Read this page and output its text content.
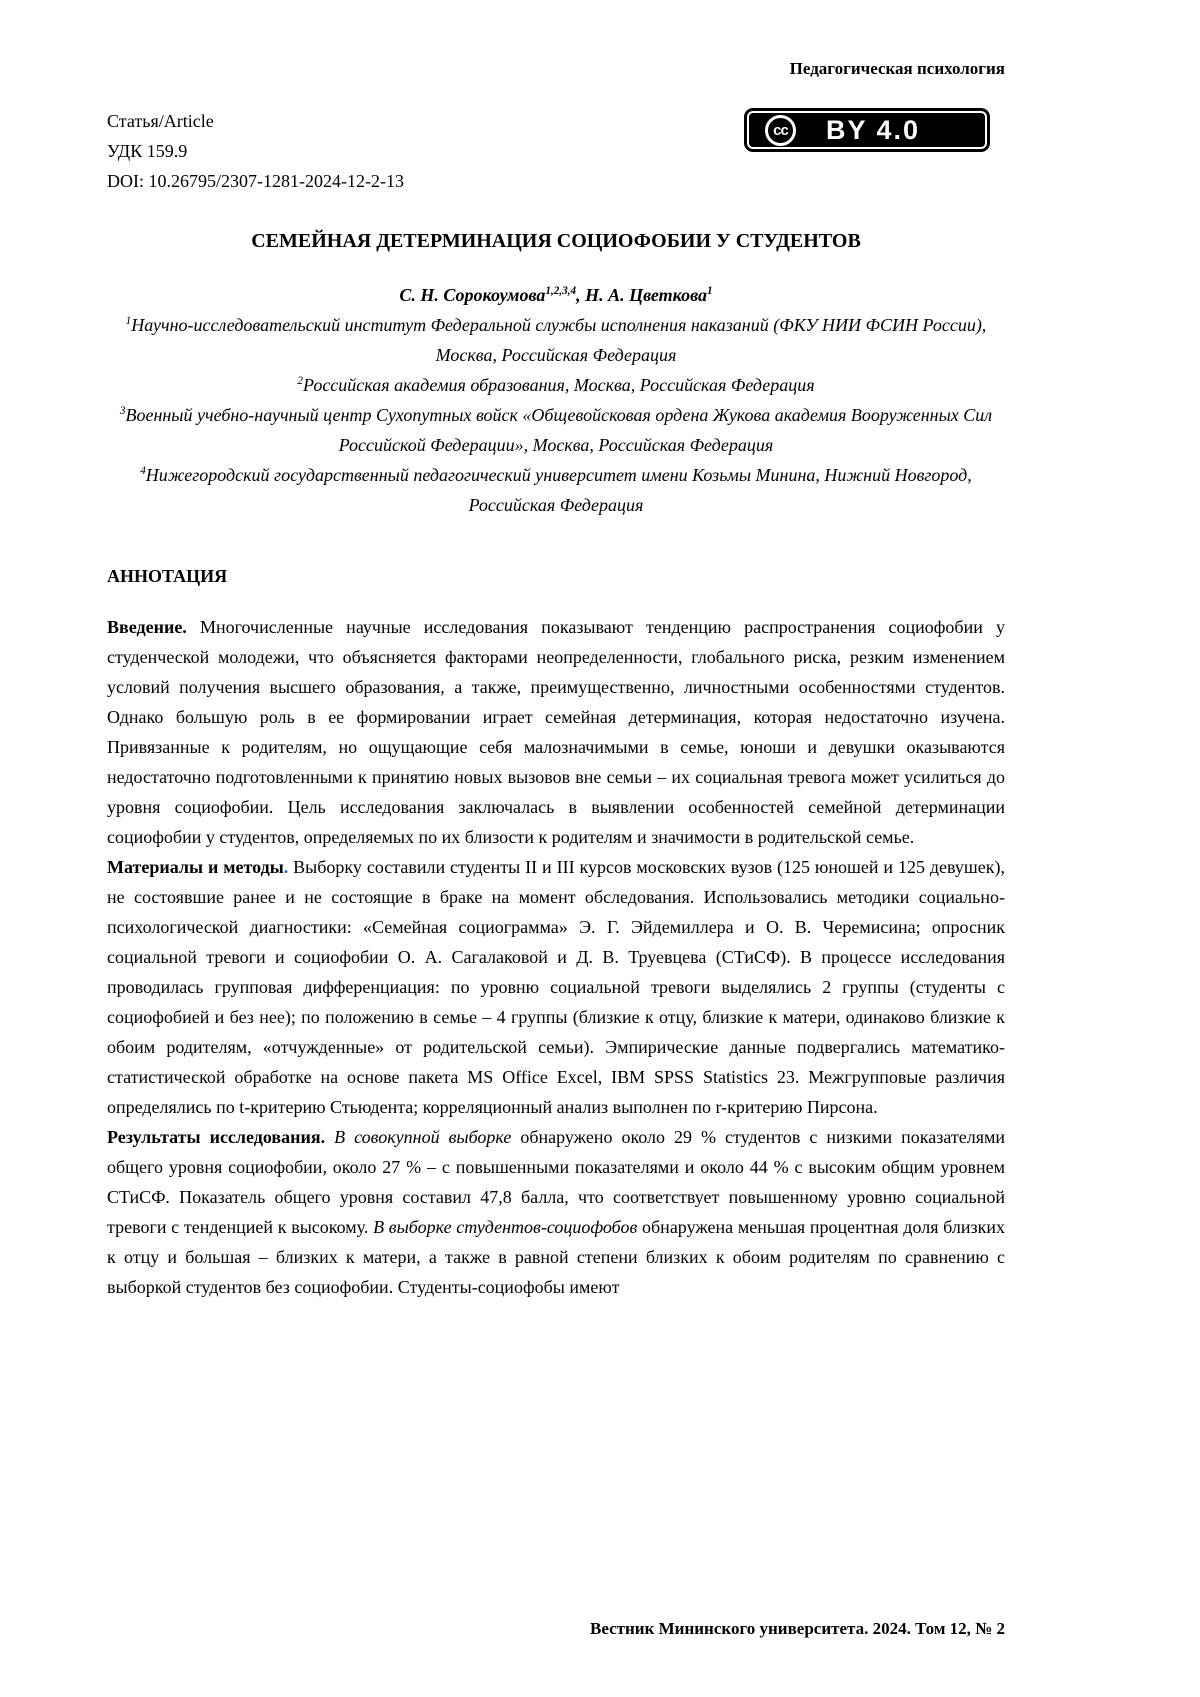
Педагогическая психология
Статья/Article
УДК 159.9
DOI: 10.26795/2307-1281-2024-12-2-13
cc BY 4.0
СЕМЕЙНАЯ ДЕТЕРМИНАЦИЯ СОЦИОФОБИИ У СТУДЕНТОВ
С. Н. Сорокоумова$^{1,2,3,4}$, Н. А. Цветкова$^1$
$^1$Научно-исследовательский институт Федеральной службы исполнения наказаний (ФКУ НИИ ФСИН России), Москва, Российская Федерация
$^2$Российская академия образования, Москва, Российская Федерация
$^3$Военный учебно-научный центр Сухопутных войск «Общевойсковая ордена Жукова академия Вооруженных Сил Российской Федерации», Москва, Российская Федерация
$^4$Нижегородский государственный педагогический университет имени Козьмы Минина, Нижний Новгород, Российская Федерация
АННОТАЦИЯ

Введение. Многочисленные научные исследования показывают тенденцию распространения социофобии у студенческой молодежи, что объясняется факторами неопределенности, глобального риска, резким изменением условий получения высшего образования, а также, преимущественно, личностными особенностями студентов. Однако большую роль в ее формировании играет семейная детерминация, которая недостаточно изучена. Привязанные к родителям, но ощущающие себя малозначимыми в семье, юноши и девушки оказываются недостаточно подготовленными к принятию новых вызовов вне семьи – их социальная тревога может усилиться до уровня социофобии. Цель исследования заключалась в выявлении особенностей семейной детерминации социофобии у студентов, определяемых по их близости к родителям и значимости в родительской семье.

Материалы и методы. Выборку составили студенты II и III курсов московских вузов (125 юношей и 125 девушек), не состоявшие ранее и не состоящие в браке на момент обследования. Использовались методики социально-психологической диагностики: «Семейная социограмма» Э. Г. Эйдемиллера и О. В. Черемисина; опросник социальной тревоги и социофобии О. А. Сагалаковой и Д. В. Труевцева (СТиСФ). В процессе исследования проводилась групповая дифференциация: по уровню социальной тревоги выделялись 2 группы (студенты с социофобией и без нее); по положению в семье – 4 группы (близкие к отцу, близкие к матери, одинаково близкие к обоим родителям, «отчужденные» от родительской семьи). Эмпирические данные подвергались математико-статистической обработке на основе пакета MS Office Excel, IBM SPSS Statistics 23. Межгрупповые различия определялись по t-критерию Стьюдента; корреляционный анализ выполнен по r-критерию Пирсона.

Результаты исследования. В совокупной выборке обнаружено около 29 % студентов с низкими показателями общего уровня социофобии, около 27 % – с повышенными показателями и около 44 % с высоким общим уровнем СТиСФ. Показатель общего уровня составил 47,8 балла, что соответствует повышенному уровню социальной тревоги с тенденцией к высокому. В выборке студентов-социофобов обнаружена меньшая процентная доля близких к отцу и большая – близких к матери, а также в равной степени близких к обоим родителям по сравнению с выборкой студентов без социофобии. Студенты-социофобы имеют

Вестник Мининского университета. 2024. Том 12, № 2
